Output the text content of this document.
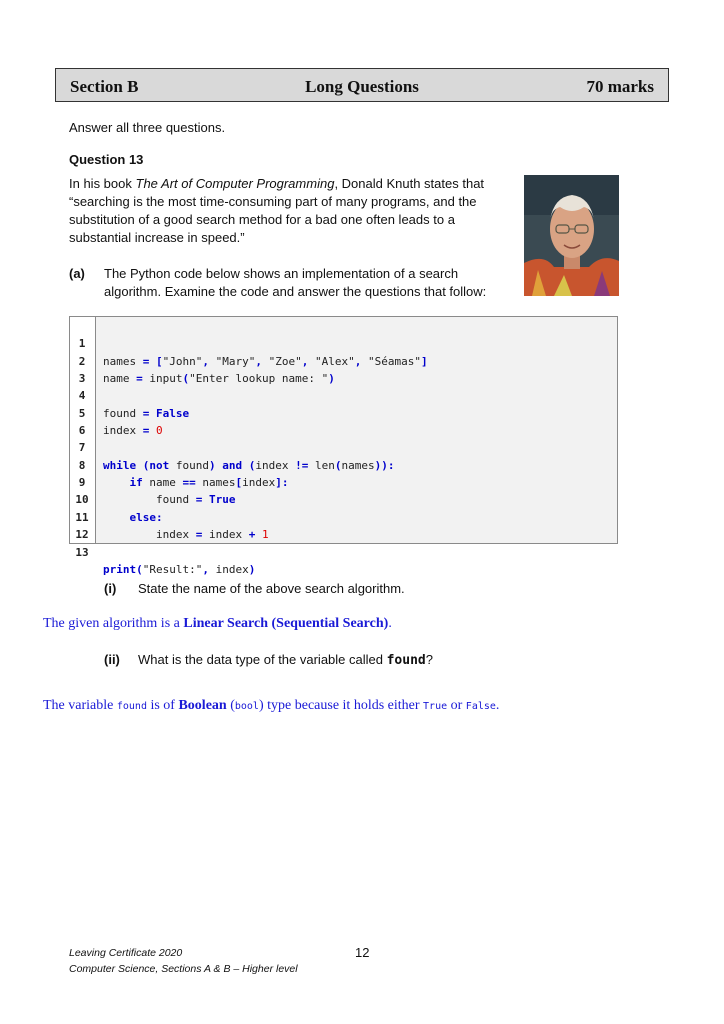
Section B	Long Questions	70 marks
Answer all three questions.
Question 13
In his book The Art of Computer Programming, Donald Knuth states that
“searching is the most time-consuming part of many programs, and the
substitution of a good search method for a bad one often leads to a
substantial increase in speed.”
(a) The Python code below shows an implementation of a search
algorithm. Examine the code and answer the questions that follow:

1

names = ["John", "Mary", "Zoe", "Alex", "Séamas"]

2

name = input("Enter lookup name: ")

3

4

found = False

5

index = 0

6

7

while (not found) and (index != len(names)):

8

if name == names[index]:

9

found = True

10

else:

11

index = index + 1

12

13

print("Result:", index)

(i) State the name of the above search algorithm.
The given algorithm is a Linear Search (Sequential Search).
(ii) What is the data type of the variable called found?
The variable found is of Boolean (bool) type because it holds either True or False.
Leaving Certificate 2020
Computer Science, Sections A & B – Higher level
12
